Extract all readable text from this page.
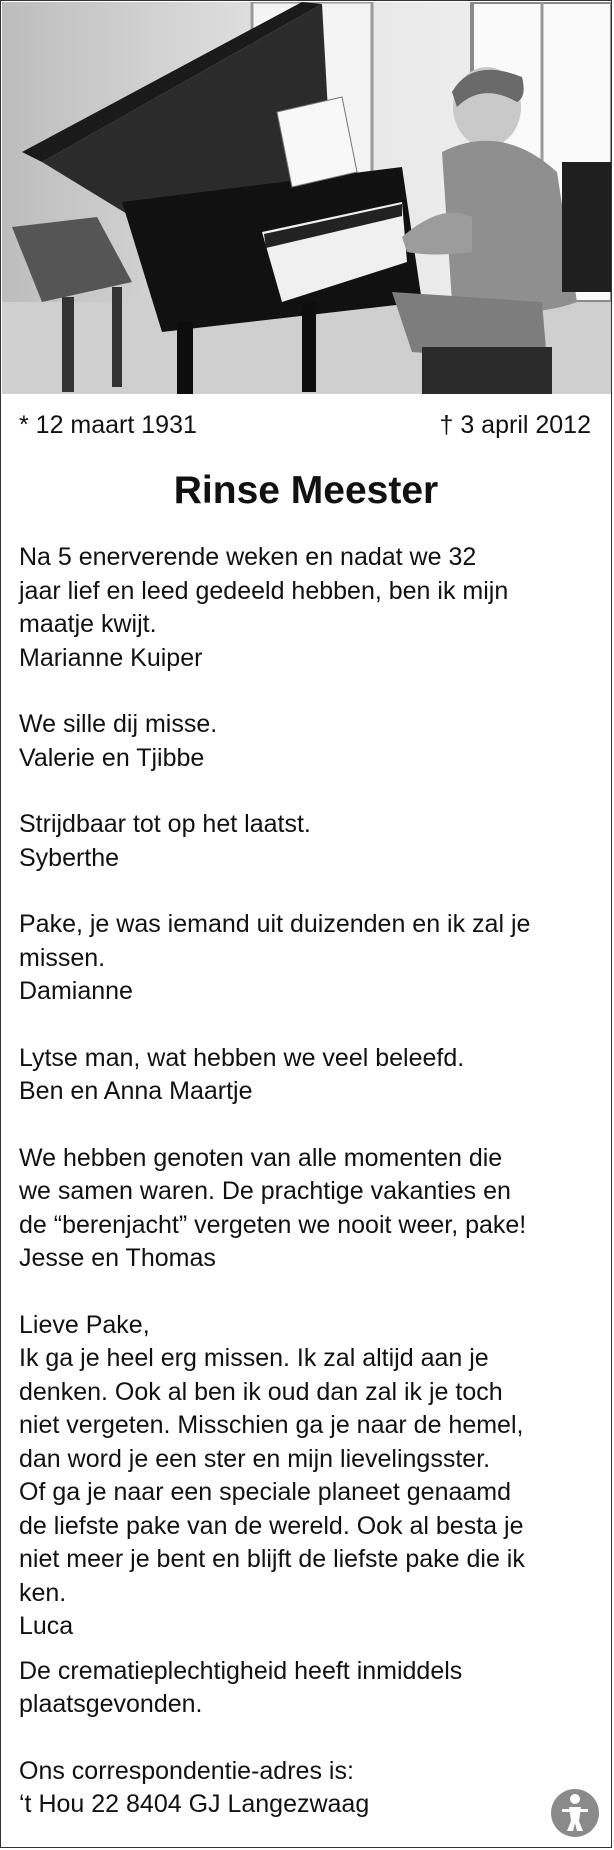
* 12 maart 1931	† 3 april 2012
Rinse Meester
Na 5 enerverende weken en nadat we 32
jaar lief en leed gedeeld hebben, ben ik mijn
maatje kwijt.
Marianne Kuiper
We sille dij misse.
Valerie en Tjibbe
Strijdbaar tot op het laatst.
Syberthe
Pake, je was iemand uit duizenden en ik zal je
missen.
Damianne
Lytse man, wat hebben we veel beleefd.
Ben en Anna Maartje
We hebben genoten van alle momenten die
we samen waren. De prachtige vakanties en
de “berenjacht” vergeten we nooit weer, pake!
Jesse en Thomas
Lieve Pake,
Ik ga je heel erg missen. Ik zal altijd aan je
denken. Ook al ben ik oud dan zal ik je toch
niet vergeten. Misschien ga je naar de hemel,
dan word je een ster en mijn lievelingsster.
Of ga je naar een speciale planeet genaamd
de liefste pake van de wereld. Ook al besta je
niet meer je bent en blijft de liefste pake die ik
ken.
Luca
De crematieplechtigheid heeft inmiddels
plaatsgevonden.
Ons correspondentie-adres is:
‘t Hou 22 8404 GJ Langezwaag
